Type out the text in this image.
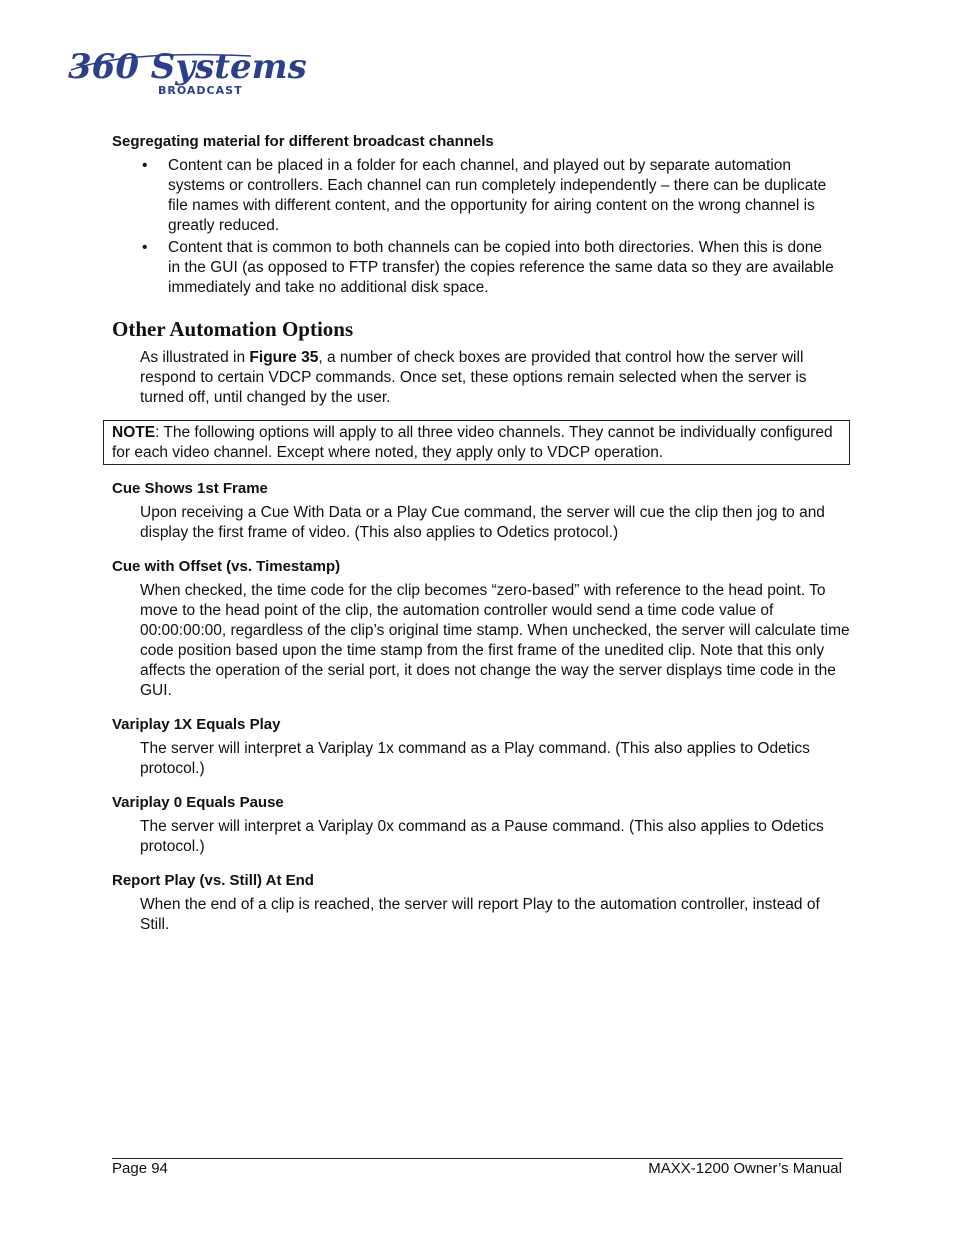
360 Systems
BROADCAST

Segregating material for different broadcast channels

• Content can be placed in a folder for each channel, and played out by separate automation systems or controllers. Each channel can run completely independently – there can be duplicate file names with different content, and the opportunity for airing content on the wrong channel is greatly reduced.
• Content that is common to both channels can be copied into both directories. When this is done in the GUI (as opposed to FTP transfer) the copies reference the same data so they are available immediately and take no additional disk space.
Other Automation Options

As illustrated in Figure 35, a number of check boxes are provided that control how the server will respond to certain VDCP commands. Once set, these options remain selected when the server is turned off, until changed by the user.

NOTE: The following options will apply to all three video channels. They cannot be individually configured for each video channel. Except where noted, they apply only to VDCP operation.

Cue Shows 1st Frame

Upon receiving a Cue With Data or a Play Cue command, the server will cue the clip then jog to and display the first frame of video. (This also applies to Odetics protocol.)

Cue with Offset (vs. Timestamp)

When checked, the time code for the clip becomes “zero-based” with reference to the head point. To move to the head point of the clip, the automation controller would send a time code value of 00:00:00:00, regardless of the clip’s original time stamp. When unchecked, the server will calculate time code position based upon the time stamp from the first frame of the unedited clip. Note that this only affects the operation of the serial port, it does not change the way the server displays time code in the GUI.

Variplay 1X Equals Play

The server will interpret a Variplay 1x command as a Play command. (This also applies to Odetics protocol.)

Variplay 0 Equals Pause

The server will interpret a Variplay 0x command as a Pause command. (This also applies to Odetics protocol.)

Report Play (vs. Still) At End

When the end of a clip is reached, the server will report Play to the automation controller, instead of Still.

Page 94	MAXX-1200 Owner’s Manual
